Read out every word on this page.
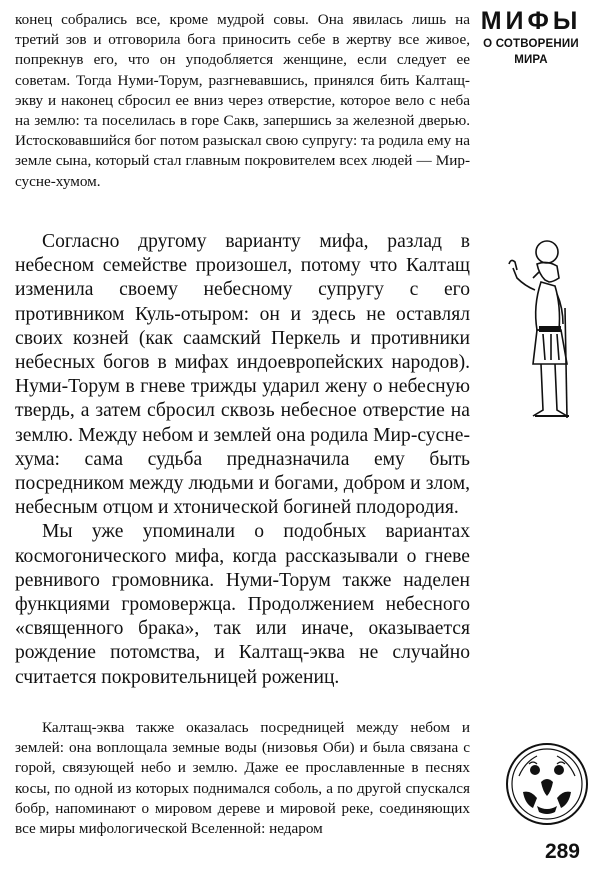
МИФЫ
О СОТВОРЕНИИ
МИРА

конец собрались все, кроме мудрой совы. Она явилась лишь на третий зов и отговорила бога приносить себе в жертву все живое, попрекнув его, что он уподобляется женщине, если следует ее советам. Тогда Нуми-Торум, разгневавшись, принялся бить Калтащ-экву и наконец сбросил ее вниз через отверстие, которое вело с неба на землю: та поселилась в горе Сакв, запершись за железной дверью. Истосковавшийся бог потом разыскал свою супругу: та родила ему на земле сына, который стал главным покровителем всех людей — Мир-сусне-хумом.

Согласно другому варианту мифа, разлад в небесном семействе произошел, потому что Калтащ изменила своему небесному супругу с его противником Куль-отыром: он и здесь не оставлял своих козней (как саамский Перкель и противники небесных богов в мифах индоевропейских народов). Нуми-Торум в гневе трижды ударил жену о небесную твердь, а затем сбросил сквозь небесное отверстие на землю. Между небом и землей она родила Мир-сусне-хума: сама судьба предназначила ему быть посредником между людьми и богами, добром и злом, небесным отцом и хтонической богиней плодородия.

Мы уже упоминали о подобных вариантах космогонического мифа, когда рассказывали о гневе ревнивого громовника. Нуми-Торум также наделен функциями громовержца. Продолжением небесного «священного брака», так или иначе, оказывается рождение потомства, и Калтащ-эква не случайно считается покровительницей рожениц.

Калтащ-эква также оказалась посредницей между небом и землей: она воплощала земные воды (низовья Оби) и была связана с горой, связующей небо и землю. Даже ее прославленные в песнях косы, по одной из которых поднимался соболь, а по другой спускался бобр, напоминают о мировом дереве и мировой реке, соединяющих все миры мифологической Вселенной: недаром

289
